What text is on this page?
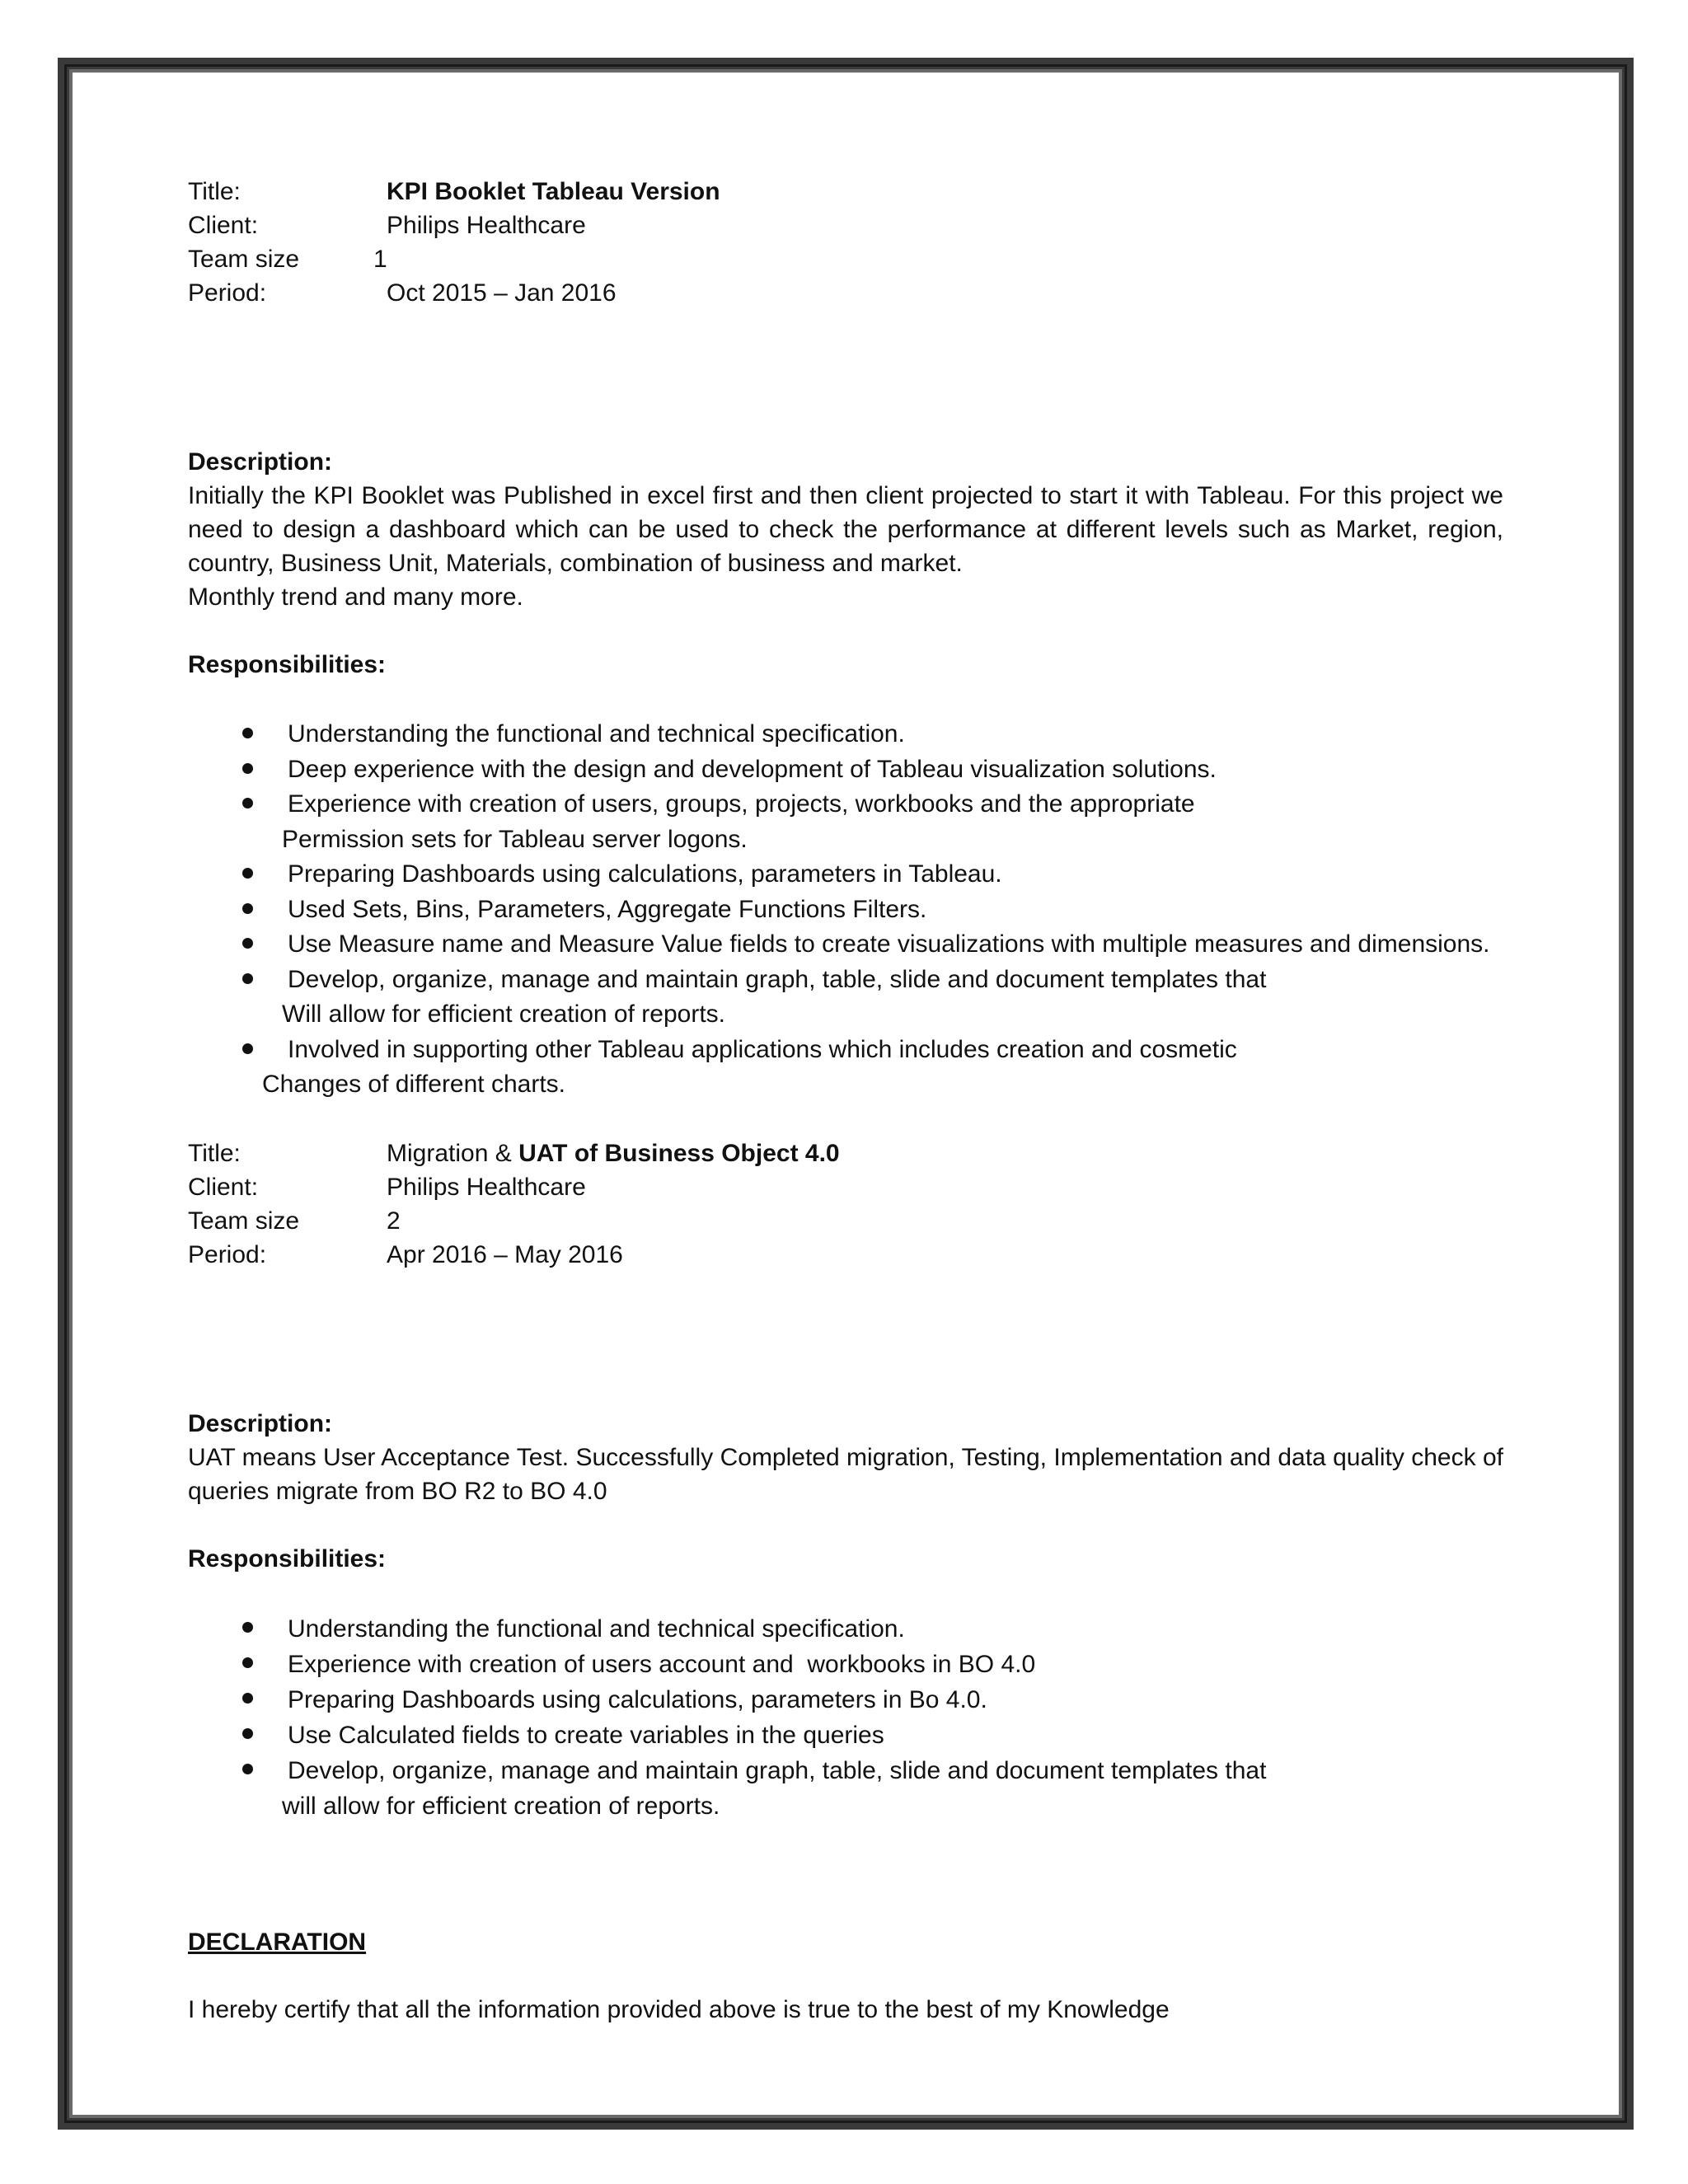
Title:	KPI Booklet Tableau Version
Client:	Philips Healthcare
Team size	1
Period:	Oct 2015 – Jan 2016

Description:

Initially the KPI Booklet was Published in excel first and then client projected to start it with Tableau. For this project we need to design a dashboard which can be used to check the performance at different levels such as Market, region, country, Business Unit, Materials, combination of business and market.

Monthly trend and many more.

Responsibilities:

Understanding the functional and technical specification.
Deep experience with the design and development of Tableau visualization solutions.
Experience with creation of users, groups, projects, workbooks and the appropriate
Permission sets for Tableau server logons.
Preparing Dashboards using calculations, parameters in Tableau.
Used Sets, Bins, Parameters, Aggregate Functions Filters.
Use Measure name and Measure Value fields to create visualizations with multiple measures and dimensions.
Develop, organize, manage and maintain graph, table, slide and document templates that
Will allow for efficient creation of reports.
Involved in supporting other Tableau applications which includes creation and cosmetic
Changes of different charts.
Title:	Migration & UAT of Business Object 4.0
Client:	Philips Healthcare
Team size	2
Period:	Apr 2016 – May 2016

Description:

UAT means User Acceptance Test. Successfully Completed migration, Testing, Implementation and data quality check of queries migrate from BO R2 to BO 4.0

Responsibilities:

Understanding the functional and technical specification.
Experience with creation of users account and  workbooks in BO 4.0
Preparing Dashboards using calculations, parameters in Bo 4.0.
Use Calculated fields to create variables in the queries
Develop, organize, manage and maintain graph, table, slide and document templates that
will allow for efficient creation of reports.

DECLARATION

I hereby certify that all the information provided above is true to the best of my Knowledge
